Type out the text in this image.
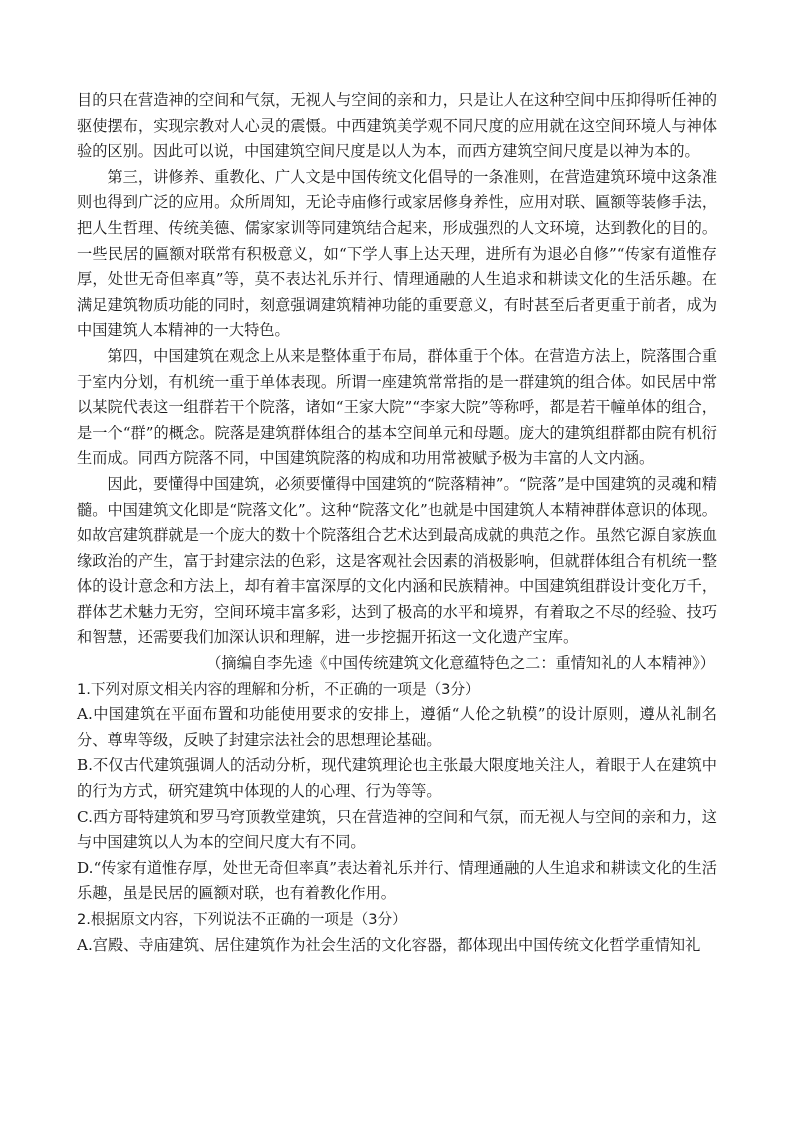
目的只在营造神的空间和气氛，无视人与空间的亲和力，只是让人在这种空间中压抑得听任神的驱使摆布，实现宗教对人心灵的震慑。中西建筑美学观不同尺度的应用就在这空间环境人与神体验的区别。因此可以说，中国建筑空间尺度是以人为本，而西方建筑空间尺度是以神为本的。

第三，讲修养、重教化、广人文是中国传统文化倡导的一条准则，在营造建筑环境中这条准则也得到广泛的应用。众所周知，无论寺庙修行或家居修身养性，应用对联、匾额等装修手法，把人生哲理、传统美德、儒家家训等同建筑结合起来，形成强烈的人文环境，达到教化的目的。一些民居的匾额对联常有积极意义，如“下学人事上达天理，进所有为退必自修”“传家有道惟存厚，处世无奇但率真”等，莫不表达礼乐并行、情理通融的人生追求和耕读文化的生活乐趣。在满足建筑物质功能的同时，刻意强调建筑精神功能的重要意义，有时甚至后者更重于前者，成为中国建筑人本精神的一大特色。

第四，中国建筑在观念上从来是整体重于布局，群体重于个体。在营造方法上，院落围合重于室内分划，有机统一重于单体表现。所谓一座建筑常常指的是一群建筑的组合体。如民居中常以某院代表这一组群若干个院落，诸如“王家大院”“李家大院”等称呼，都是若干幢单体的组合，是一个“群”的概念。院落是建筑群体组合的基本空间单元和母题。庞大的建筑组群都由院有机衍生而成。同西方院落不同，中国建筑院落的构成和功用常被赋予极为丰富的人文内涵。

因此，要懂得中国建筑，必须要懂得中国建筑的“院落精神”。“院落”是中国建筑的灵魂和精髓。中国建筑文化即是“院落文化”。这种“院落文化”也就是中国建筑人本精神群体意识的体现。如故宫建筑群就是一个庞大的数十个院落组合艺术达到最高成就的典范之作。虽然它源自家族血缘政治的产生，富于封建宗法的色彩，这是客观社会因素的消极影响，但就群体组合有机统一整体的设计意念和方法上，却有着丰富深厚的文化内涵和民族精神。中国建筑组群设计变化万千，群体艺术魅力无穷，空间环境丰富多彩，达到了极高的水平和境界，有着取之不尽的经验、技巧和智慧，还需要我们加深认识和理解，进一步挖掘开拓这一文化遗产宝库。

（摘编自李先逵《中国传统建筑文化意蕴特色之二：重情知礼的人本精神》）

1.下列对原文相关内容的理解和分析，不正确的一项是（3分）

A.中国建筑在平面布置和功能使用要求的安排上，遵循“人伦之轨模”的设计原则，遵从礼制名分、尊卑等级，反映了封建宗法社会的思想理论基础。

B.不仅古代建筑强调人的活动分析，现代建筑理论也主张最大限度地关注人，着眼于人在建筑中的行为方式，研究建筑中体现的人的心理、行为等等。

C.西方哥特建筑和罗马穹顶教堂建筑，只在营造神的空间和气氛，而无视人与空间的亲和力，这与中国建筑以人为本的空间尺度大有不同。

D.“传家有道惟存厚，处世无奇但率真”表达着礼乐并行、情理通融的人生追求和耕读文化的生活乐趣，虽是民居的匾额对联，也有着教化作用。

2.根据原文内容，下列说法不正确的一项是（3分）

A.宫殿、寺庙建筑、居住建筑作为社会生活的文化容器，都体现出中国传统文化哲学重情知礼
